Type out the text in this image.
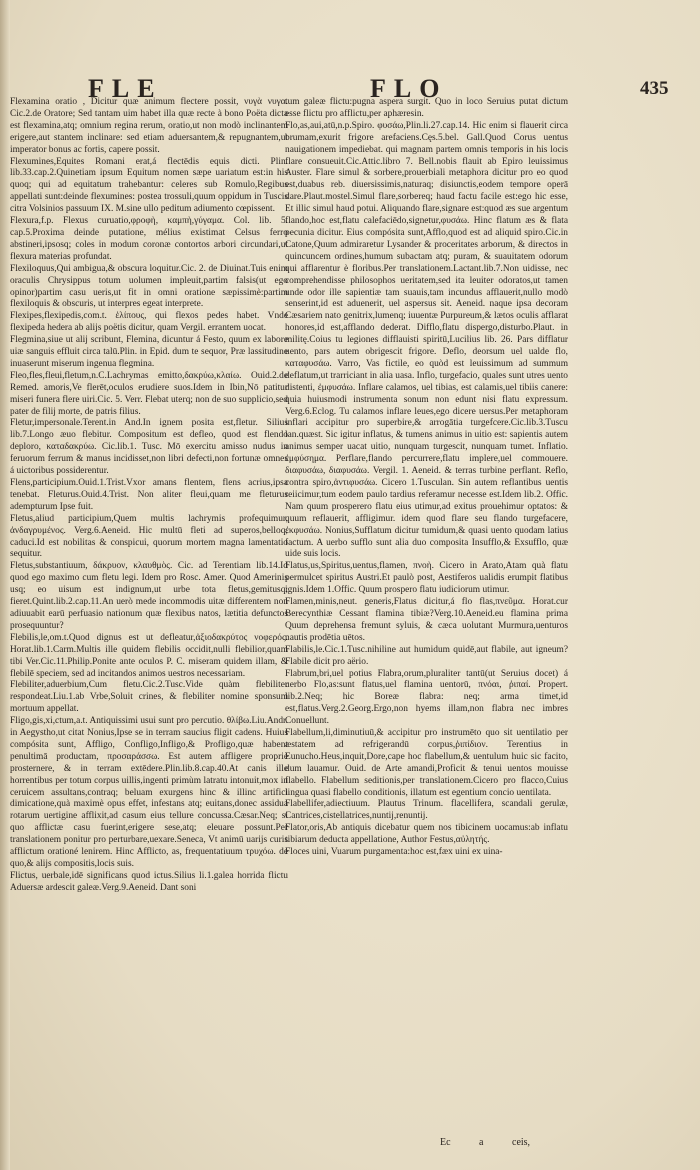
FLE	FLO	435

Flexamina oratio , Dicitur quæ animum flectere possit, νυγὰ νυγα. Cic.2.de Oratore; Sed tantam uim habet illa quæ recte à bono Poëta dicta est flexamina,atq; omnium regina rerum, oratio,ut non modò inclinantem erigere,aut stantem inclinare: sed etiam aduersantem,& repugnantem,ut imperator bonus ac fortis, capere possit.

Flexumines,Equites Romani erat,á flectēdis equis dicti. Plin. lib.33.cap.2.Quinetiam ipsum Equitum nomen sæpe uariatum est:in his quoq; qui ad equitatum trahebantur: celeres sub Romulo,Regibus appellati sunt:deinde flexumines: postea trossuli,quum oppidum in Tuscis citra Volsinios passuum IX. M.sine ullo peditum adiumento cœpissent.

Flexura,f.p. Flexus curuatio,φροφὴ, καμπὴ,γύγαμα. Col. lib. 5. cap.5.Proxima deinde putatione, mélius existimat Celsus ferro abstineri,ipsosq; coles in modum coronæ contortos arbori circundari,ut flexura materias profundat.

Flexiloquus,Qui ambigua,& obscura loquitur.Cic. 2. de Diuinat.Tuis enim oraculis Chrysippus totum uolumen impleuit,partim falsis(ut ego opinor)partim casu ueris,ut fit in omni oratione sæpissimè:partim flexiloquis & obscuris, ut interpres egeat interprete.

Flexipes,flexipedis,com.t. ἑλίπους, qui flexos pedes habet. Vnde flexipeda hedera ab alijs poëtis dicitur, quam Vergil. errantem uocat.

Flegmina,siue ut alij scribunt, Flemina, dicuntur á Festo, quum ex labore uiæ sanguis effluit circa talū.Plin. in Epid. dum te sequor, Præ lassitudine inuaserunt miserum ingenua flegmina.

Fleo,fles,fleui,fletum,n.C.Lachrymas emitto,δακρύω,κλαίω. Ouid.2.de Remed. amoris,Ve flerēt,oculos erudiere suos.Idem in Ibin,Nō patitur miseri funera flere uiri.Cic. 5. Verr. Flebat uterq; non de suo supplicio,sed pater de filij morte, de patris filius.

Fletur,impersonale.Terent.in And.In ignem posita est,fletur. Silius lib.7.Longo æuo flebitur. Compositum est defleo, quod est flendo deploro, καταδακρύω. Cic.lib.1. Tusc. Mō exercitu amisso nudus in feruorum ferrum & manus incidisset,non libri defecti,non fortunæ omnes á uictoribus possiderentur.

Flens,participium.Ouid.1.Trist.Vxor amans flentem, flens acrius,ipsa tenebat. Fleturus.Ouid.4.Trist. Non aliter fleui,quam me fleturus adempturum Ipse fuit.

Fletus,aliud participium,Quem multis lachrymis profequimur, ἀνδαγρυμένος. Verg.6.Aeneid. Hic multū fleti ad superos,belloq; caduci.Id est nobilitas & conspicui, quorum mortem magna lamentatio sequitur.

Fletus,substantiuum, δάκρυον, κλαυθμὸς. Cic. ad Terentiam lib.14.Id quod ego maximo cum fletu legi. Idem pro Rosc. Amer. Quod Amerinis usq; eo uisum est indignum,ut urbe tota fletus,gemitusq; fieret.Quint.lib.2.cap.11.An uerò mede incommodis uitæ differentem non adiuuabit earū perfuasio nationum quæ flexibus natos, lætitia defunctos prosequuntur?

Flebilis,le,om.t.Quod dignus est ut defleatur,ἀξιοδακρύτος νοφερός. Horat.lib.1.Carm.Multis ille quidem flebilis occidit,nulli flebilior,quam tibi Ver.Cic.11.Philip.Ponite ante oculos P. C. miseram quidem illam, & flebilē speciem, sed ad incitandos animos uestros necessariam.

Flebiliter,aduerbium,Cum fletu.Cic.2.Tusc.Vide quàm flebiliter respondeat.Liu.1.ab Vrbe,Soluit crines, & flebiliter nomine sponsum mortuum appellat.

Fligo,gis,xi,ctum,a.t. Antiquissimi usui sunt pro percutio. θλίβω.Liu.Andr. in Aegystho,ut citat Nonius,Ipse se in terram saucius fligit cadens. Huius compósita sunt, Affligo, Confligo,Infligo,& Profligo,quæ habent penultimā productam, προσαράσσω. Est autem affligere propriè prosternere, & in terram extēdere.Plin.lib.8.cap.40.At canis ille horrentibus per totum corpus uillis,ingenti primùm latratu intonuit,mox in ceruicem assultans,contraq; beluam exurgens hinc & illinc artifici dimicatione,quà maximè opus effet, infestans atq; euitans,donec assidua rotarum uertigine afflixit,ad casum eius tellure concussa.Cæsar.Neq; si quo afflictæ casu fuerint,erigere sese,atq; eleuare possunt.Per translationem ponitur pro perturbare,uexare.Seneca, Vt animū uarijs curis afflictum orationé lenirem. Hinc Afflicto, as, frequentatiuum τρυχόω. de quo,& alijs compositis,locis suis.

Flictus, uerbale,idē significans quod ictus.Silius li.1.galea horrida flictu Aduersæ ardescit galeæ.Verg.9.Aeneid. Dant soni

tum galeæ flictu:pugna aspera surgit. Quo in loco Seruius putat dictum esse flictu pro afflictu,per aphæresin.

Flo,as,aui,atū,n.p.Spiro. φυσάω,Plin.li.27.cap.14. Hic enim si flauerit circa brumam,exurit frigore arefaciens.Cęs.5.bel. Gall.Quod Corus uentus nauigationem impediebat. qui magnam partem omnis temporis in his locis flare consueuit.Cic.Attic.libro 7. Bell.nobis flauit ab Epiro leuissimus Auster. Flare simul & sorbere,prouerbiali metaphora dicitur pro eo quod est,duabus reb. diuersissimis,naturaq; disiunctis,eodem tempore operā dare.Plaut.mostel.Simul flare,sorbereq; haud factu facile est:ego hic esse, Et illic simul haud potui. Aliquando flare,signare est:quod æs sue argentum flando,hoc est,flatu calefaciēdo,signetur,φυσάω. Hinc flatum æs & flata pecunia dicitur. Eius compósita sunt,Afflo,quod est ad aliquid spiro.Cic.in Catone,Quum admiraretur Lysander & proceritates arborum, & directos in quincuncem ordines,humum subactam atq; puram, & suauitatem odorum qui afflarentur è floribus.Per translationem.Lactant.lib.7.Non uidisse, nec comprehendisse philosophos ueritatem,sed ita leuiter odoratos,ut tamen unde odor ille sapientiæ tam suauis,tam incundus afflauerit,nullo modò senserint,id est aduenerit, uel aspersus sit. Aeneid. naque ipsa decoram Cæsariem nato genitrix,lumenq; iuuentæ Purpureum,& lætos oculis afflarat honores,id est,afflando dederat. Difflo,flatu dispergo,disturbo.Plaut. in militę.Coius tu legiones difflauisti spiritū,Lucilius lib. 26. Pars difflatur uento, pars autem obrigescit frigore. Deflo, deorsum uel ualde flo, καταφυσάω. Varro, Vas fictile, eo quòd est leuissimum ad summum deflatum,ut trarriciant in alia uasa. Inflo, turgefacio, quales sunt utres uento distenti, ἐμφυσάω. Inflare calamos, uel tibias, est calamis,uel tibiis canere: quia huiusmodi instrumenta sonum non edunt nisi flatu expressum. Verg.6.Eclog. Tu calamos inflare leues,ego dicere uersus.Per metaphoram inflari accipitur pro superbire,& arrogātia turgefcere.Cic.lib.3.Tuscu lan.quæst. Sic igitur inflatus, & tumens animus in uitio est: sapientis autem animus semper uacat uitio, nunquam turgescit, nunquam tumet. Inflatio. ἐμφύσημα. Perflare,flando percurrere,flatu implere,uel commouere. διαφυσάω, διαφυσάω. Vergil. 1. Aeneid. & terras turbine perflant. Reflo, contra spiro,ἀντιφυσάω. Cicero 1.Tusculan. Sin autem reflantibus uentis reiicimur,tum eodem paulo tardius referamur necesse est.Idem lib.2. Offic. Nam quum prosperero flatu eius utimur,ad exitus prouehimur optatos: & quum reflauerit, affligimur. idem quod flare seu flando turgefacere, ἐκφυσάω. Nonius,Sufflatum dicitur tumidum,& quasi uento quodam latius factum. A uerbo sufflo sunt alia duo composita Insufflo,& Exsufflo, quæ uide suis locis.

Flatus,us,Spiritus,uentus,flamen, πνοὴ. Cicero in Arato,Atam quà flatu permulcet spiritus Austri.Et paulò post, Aestiferos ualidis erumpit flatibus ignis.Idem 1.Offic. Quum prospero flatu iudiciorum utimur.

Flamen,minis,neut. generis,Flatus dicitur,á flo flas,πνεῦμα. Horat.cur Berecynthiæ Cessant flamina tibiæ?Verg.10.Aeneid.eu flamina prima Quum deprehensa fremunt syluis, & cæca uolutant Murmura,uenturos nautis prodētia uētos.

Flabilis,le.Cic.1.Tusc.nihiline aut humidum quidē,aut flabile, aut igneum? Flabile dicit pro aërio.

Flabrum,bri,uel potius Flabra,orum,pluraliter tantū(ut Seruius docet) á uerbo Flo,as:sunt flatus,uel flamina uentorū, πνόαι, ῥιπαί. Propert. lib.2.Neq; hic Boreæ flabra: neq; arma timet,id est,flatus.Verg.2.Georg.Ergo,non hyems illam,non flabra nec imbres Conuellunt.

Flabellum,li,diminutiuū,& accipitur pro instrumēto quo sit uentilatio per æstatem ad refrigerandū corpus,ῥιπίδιον. Terentius in Eunucho.Heus,inquit,Dore,cape hoc flabellum,& uentulum huic sic facito, dum lauamur. Ouid. de Arte amandi,Proficit & tenui uentos mouisse flabello. Flabellum seditionis,per translationem.Cicero pro flacco,Cuius lingua quasi flabello conditionis, illatum est egentium concio uentilata.

Flabellifer,adiectiuum. Plautus Trinum. flacellifera, scandali gerulæ, Cantrices,cistellatrices,nuntij,renuntij.

Flator,oris,Ab antiquis dicebatur quem nos tibicinem uocamus:ab inflatu tibiarum deducta appellatione, Author Festus,αὐλητής.

Floces uini, Vuarum purgamenta:hoc est,fæx uini ex uina-

Ec	a	ceis,
